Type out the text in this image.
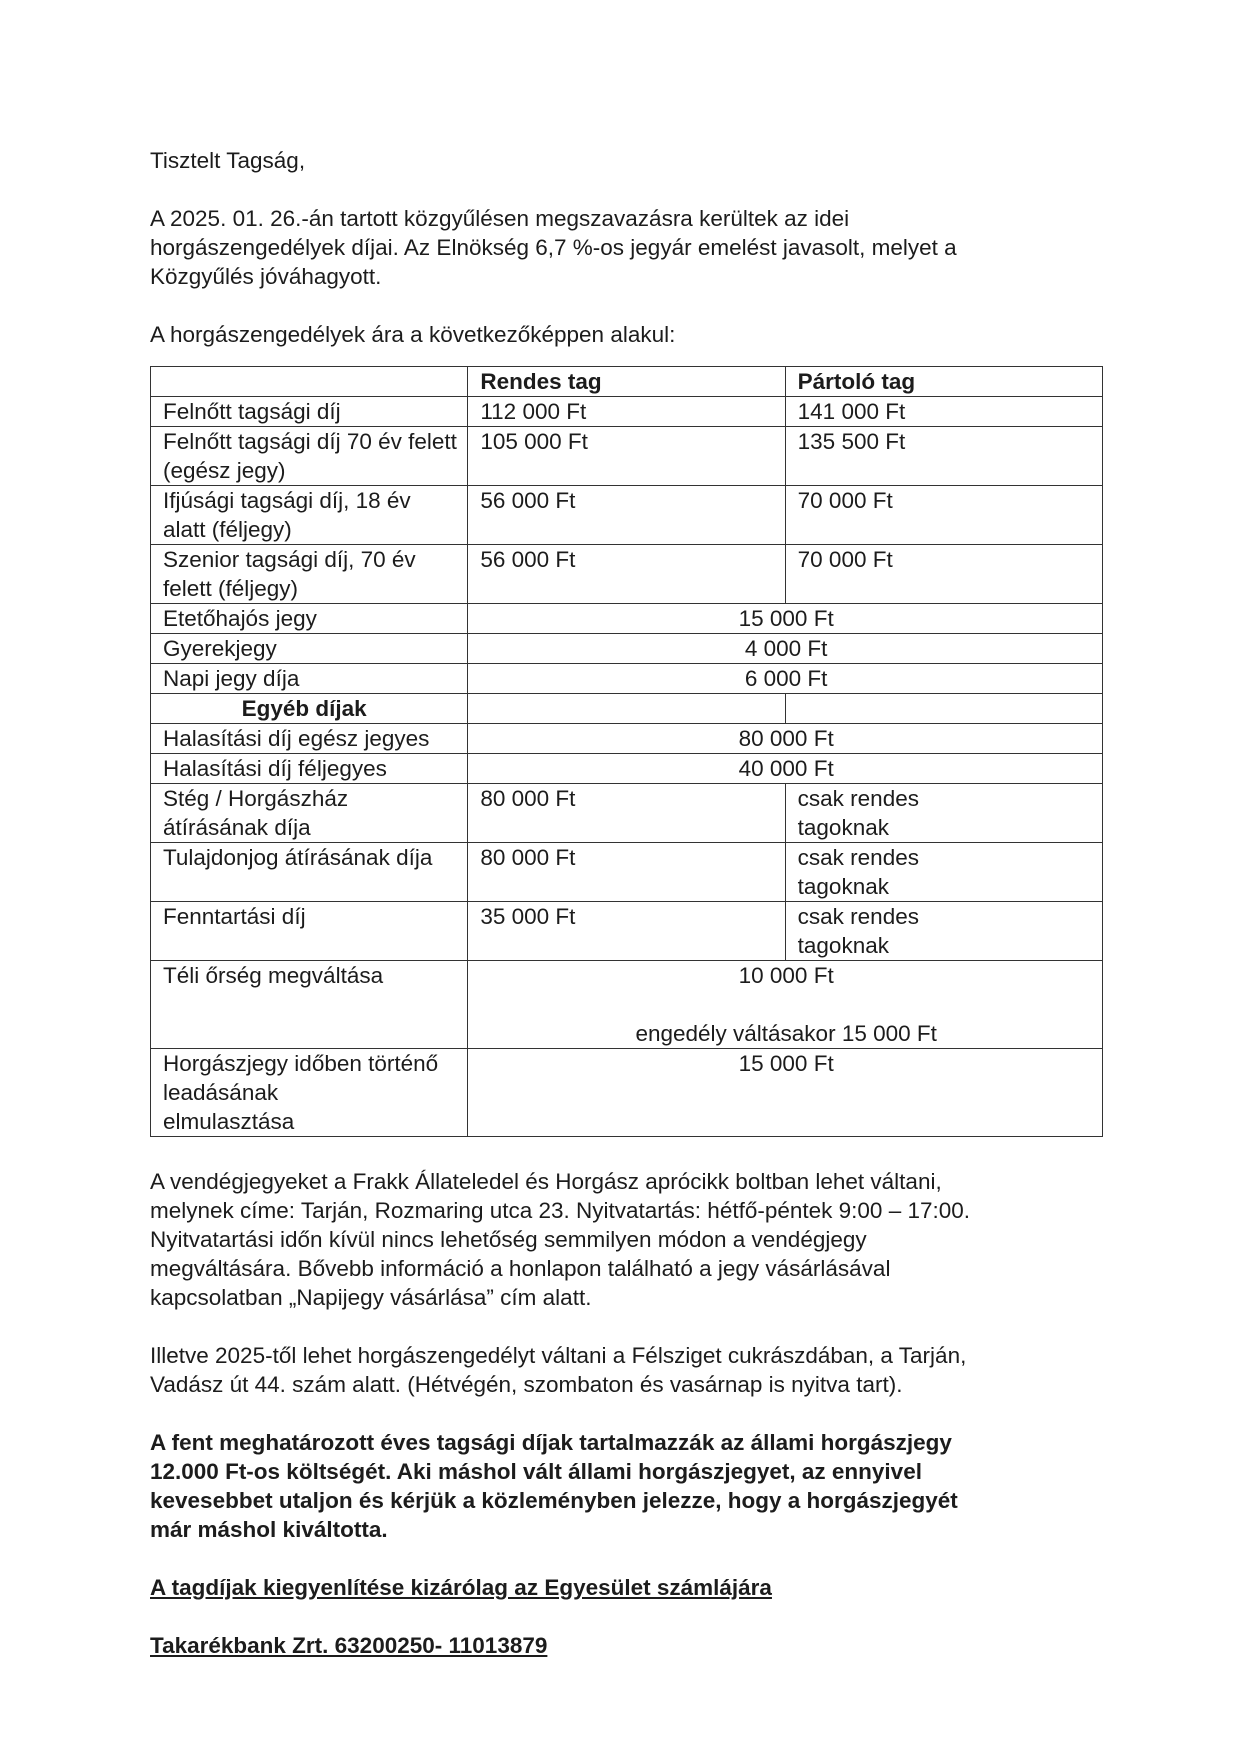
Tisztelt Tagság,

A 2025. 01. 26.-án tartott közgyűlésen megszavazásra kerültek az idei

horgászengedélyek díjai. Az Elnökség 6,7 %-os jegyár emelést javasolt, melyet a

Közgyűlés jóváhagyott.

A horgászengedélyek ára a következőképpen alakul:

	Rendes tag	Pártoló tag
Felnőtt tagsági díj	112 000 Ft	141 000 Ft
Felnőtt tagsági díj 70 év felett (egész jegy)	105 000 Ft	135 500 Ft
Ifjúsági tagsági díj, 18 év alatt (féljegy)	56 000 Ft	70 000 Ft
Szenior tagsági díj, 70 év felett (féljegy)	56 000 Ft	70 000 Ft
Etetőhajós jegy	15 000 Ft	
Gyerekjegy	4 000 Ft	
Napi jegy díja	6 000 Ft	
Egyéb díjak		
Halasítási díj egész jegyes	80 000 Ft	
Halasítási díj féljegyes	40 000 Ft	
Stég / Horgászház átírásának díja	80 000 Ft	csak rendes
tagoknak
Tulajdonjog átírásának díja	80 000 Ft	csak rendes
tagoknak
Fenntartási díj	35 000 Ft	csak rendes
tagoknak
Téli őrség megváltása	10 000 Ft
engedély váltásakor 15 000 Ft	

Horgászjegy időben történő leadásának
elmulasztása	15 000 Ft	

A vendégjegyeket a Frakk Állateledel és Horgász aprócikk boltban lehet váltani,

melynek címe: Tarján, Rozmaring utca 23. Nyitvatartás: hétfő-péntek 9:00 – 17:00.

Nyitvatartási időn kívül nincs lehetőség semmilyen módon a vendégjegy

megváltására. Bővebb információ a honlapon található a jegy vásárlásával

kapcsolatban „Napijegy vásárlása” cím alatt.

Illetve 2025-től lehet horgászengedélyt váltani a Félsziget cukrászdában, a Tarján,

Vadász út 44. szám alatt. (Hétvégén, szombaton és vasárnap is nyitva tart).

A fent meghatározott éves tagsági díjak tartalmazzák az állami horgászjegy

12.000 Ft-os költségét. Aki máshol vált állami horgászjegyet, az ennyivel

kevesebbet utaljon és kérjük a közleményben jelezze, hogy a horgászjegyét

már máshol kiváltotta.

A tagdíjak kiegyenlítése kizárólag az Egyesület számlájára

Takarékbank Zrt. 63200250- 11013879
